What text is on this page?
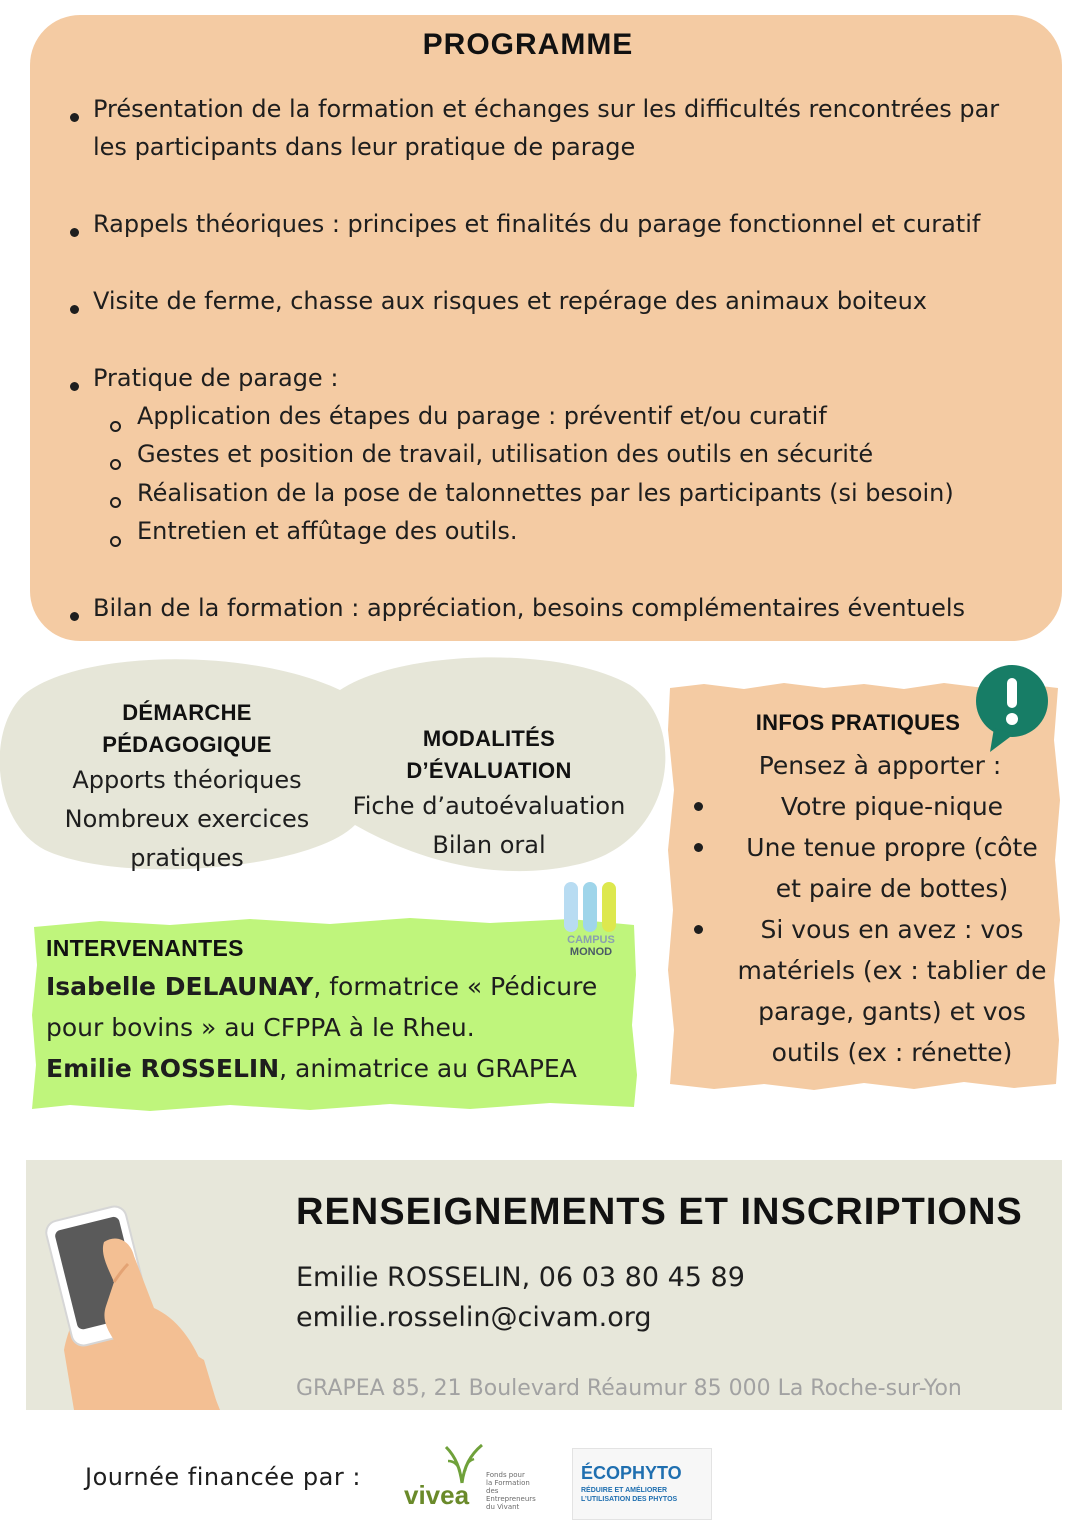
PROGRAMME
Présentation de la formation et échanges sur les difficultés rencontrées par
les participants dans leur pratique de parage
Rappels théoriques : principes et finalités du parage fonctionnel et curatif
Visite de ferme, chasse aux risques et repérage des animaux boiteux
Pratique de parage :
Application des étapes du parage : préventif et/ou curatif
Gestes et position de travail, utilisation des outils en sécurité
Réalisation de la pose de talonnettes par les participants (si besoin)
Entretien et affûtage des outils.
Bilan de la formation : appréciation, besoins complémentaires éventuels
DÉMARCHE PÉDAGOGIQUE
Apports théoriques
Nombreux exercices
pratiques
MODALITÉS D’ÉVALUATION
Fiche d’autoévaluation
Bilan oral
CAMPUS
MONOD
INTERVENANTES
Isabelle DELAUNAY, formatrice « Pédicure
pour bovins » au CFPPA à le Rheu.
Emilie ROSSELIN, animatrice au GRAPEA
INFOS PRATIQUES
Pensez à apporter :
Votre pique-nique
Une tenue propre (côte
et paire de bottes)
Si vous en avez : vos
matériels (ex : tablier de
parage, gants) et vos
outils (ex : rénette)
RENSEIGNEMENTS ET INSCRIPTIONS
Emilie ROSSELIN, 06 03 80 45 89
emilie.rosselin@civam.org
GRAPEA 85, 21 Boulevard Réaumur 85 000 La Roche-sur-Yon
Journée financée par :
vivea
Fonds pour
la Formation
des Entrepreneurs
du Vivant
ÉCOPHYTO
RÉDUIRE ET AMÉLIORER
L’UTILISATION DES PHYTOS
